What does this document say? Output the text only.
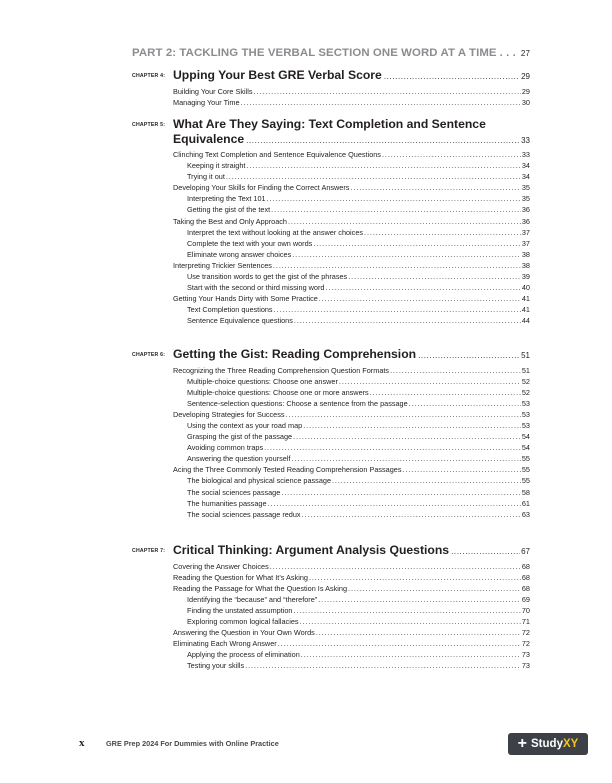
PART 2: TACKLING THE VERBAL SECTION ONE WORD AT A TIME . . .	27
CHAPTER 4: Upping Your Best GRE Verbal Score .....	29
Building Your Core Skills .....	29
Managing Your Time .....	30
CHAPTER 5: What Are They Saying: Text Completion and Sentence
Equivalence .....	33
Clinching Text Completion and Sentence Equivalence Questions .....	33
Keeping it straight .....	34
Trying it out .....	34
Developing Your Skills for Finding the Correct Answers .....	35
Interpreting the Text 101 .....	35
Getting the gist of the text .....	36
Taking the Best and Only Approach .....	36
Interpret the text without looking at the answer choices .....	37
Complete the text with your own words .....	37
Eliminate wrong answer choices .....	38
Interpreting Trickier Sentences .....	38
Use transition words to get the gist of the phrases .....	39
Start with the second or third missing word .....	40
Getting Your Hands Dirty with Some Practice .....	41
Text Completion questions .....	41
Sentence Equivalence questions .....	44
CHAPTER 6: Getting the Gist: Reading Comprehension .....	51
Recognizing the Three Reading Comprehension Question Formats .....	51
Multiple-choice questions: Choose one answer .....	52
Multiple-choice questions: Choose one or more answers .....	52
Sentence-selection questions: Choose a sentence from the passage .....	53
Developing Strategies for Success .....	53
Using the context as your road map .....	53
Grasping the gist of the passage .....	54
Avoiding common traps .....	54
Answering the question yourself .....	55
Acing the Three Commonly Tested Reading Comprehension Passages .....	55
The biological and physical science passage .....	55
The social sciences passage .....	58
The humanities passage .....	61
The social sciences passage redux .....	63
CHAPTER 7: Critical Thinking: Argument Analysis Questions .....	67
Covering the Answer Choices .....	68
Reading the Question for What It’s Asking .....	68
Reading the Passage for What the Question Is Asking .....	68
Identifying the “because” and “therefore” .....	69
Finding the unstated assumption .....	70
Exploring common logical fallacies .....	71
Answering the Question in Your Own Words .....	72
Eliminating Each Wrong Answer .....	72
Applying the process of elimination .....	73
Testing your skills .....	73
x	GRE Prep 2024 For Dummies with Online Practice	+ Study XY
